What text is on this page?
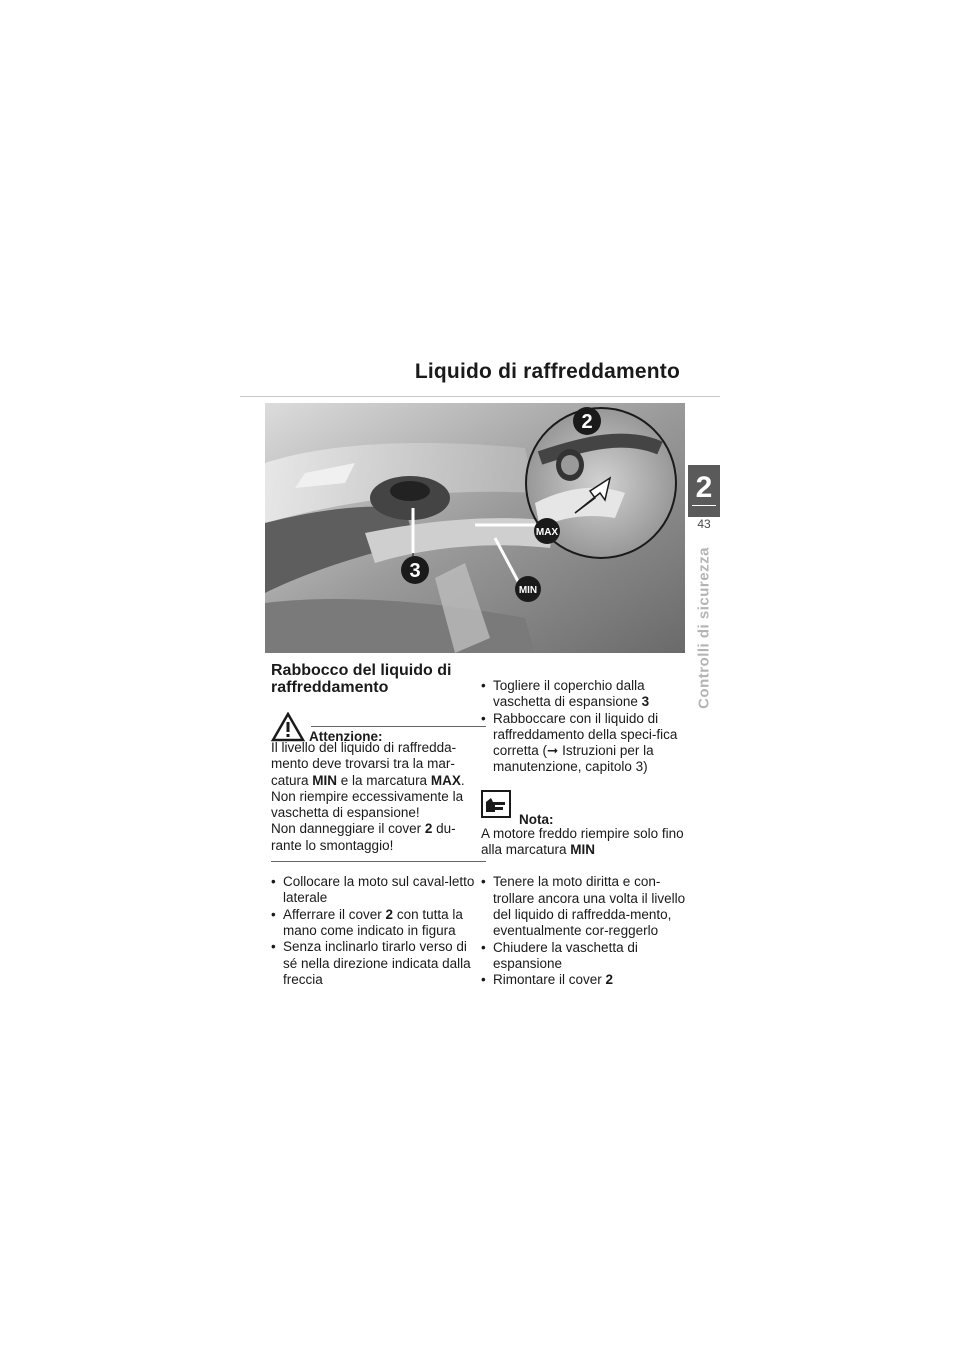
Liquido di raffreddamento
2
43
Controlli di sicurezza
2
3
MAX
MIN
Rabbocco del liquido di raffreddamento
Attenzione:

Il livello del liquido di raffredda-mento deve trovarsi tra la mar-catura MIN e la marcatura MAX.

Non riempire eccessivamente la vaschetta di espansione!

Non danneggiare il cover 2 du-rante lo smontaggio!

• Collocare la moto sul caval-letto laterale
• Afferrare il cover 2 con tutta la mano come indicato in figura
• Senza inclinarlo tirarlo verso di sé nella direzione indicata dalla freccia
• Togliere il coperchio dalla vaschetta di espansione 3
• Rabboccare con il liquido di raffreddamento della speci-fica corretta (➞ Istruzioni per la manutenzione, capitolo 3)
Nota:

A motore freddo riempire solo fino alla marcatura MIN

• Tenere la moto diritta e con-trollare ancora una volta il livello del liquido di raffredda-mento, eventualmente cor-reggerlo
• Chiudere la vaschetta di espansione
• Rimontare il cover 2
